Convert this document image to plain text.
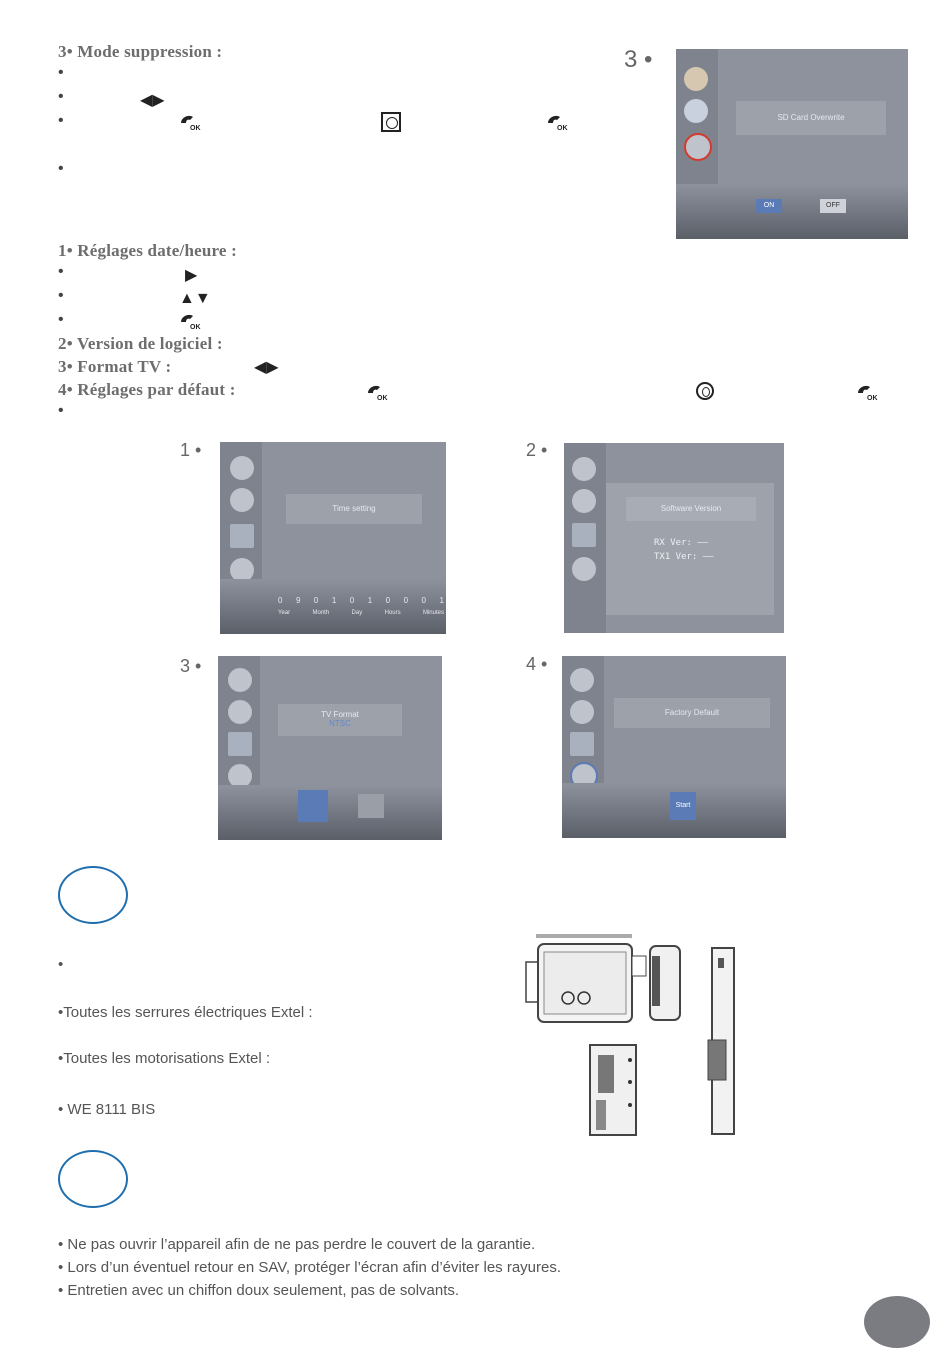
3• Mode suppression :
•
•	◀▶
•	OK	OK
•
3 •
SD Card Overwrite
ON	OFF
1• Réglages date/heure :
•	▶
•	▲▼
•	OK
2• Version de logiciel :
3• Format TV :	◀▶
4• Réglages par défaut :	OK	OK
•
1 •
Time setting
0 9 0 1 0 1 0 0 0 1
Year	Month	Day	Hours	Minutes
2 •
Software Version
RX Ver: ——
TX1 Ver: ——
3 •
TV Format
NTSC
4 •
Factory Default
Start
•
•Toutes les serrures électriques Extel :
•Toutes les motorisations Extel :
• WE 8111 BIS
• Ne pas ouvrir l’appareil afin de ne pas perdre le couvert de la garantie.
• Lors d’un éventuel retour en SAV, protéger l’écran afin d’éviter les rayures.
• Entretien avec un chiffon doux seulement, pas de solvants.
